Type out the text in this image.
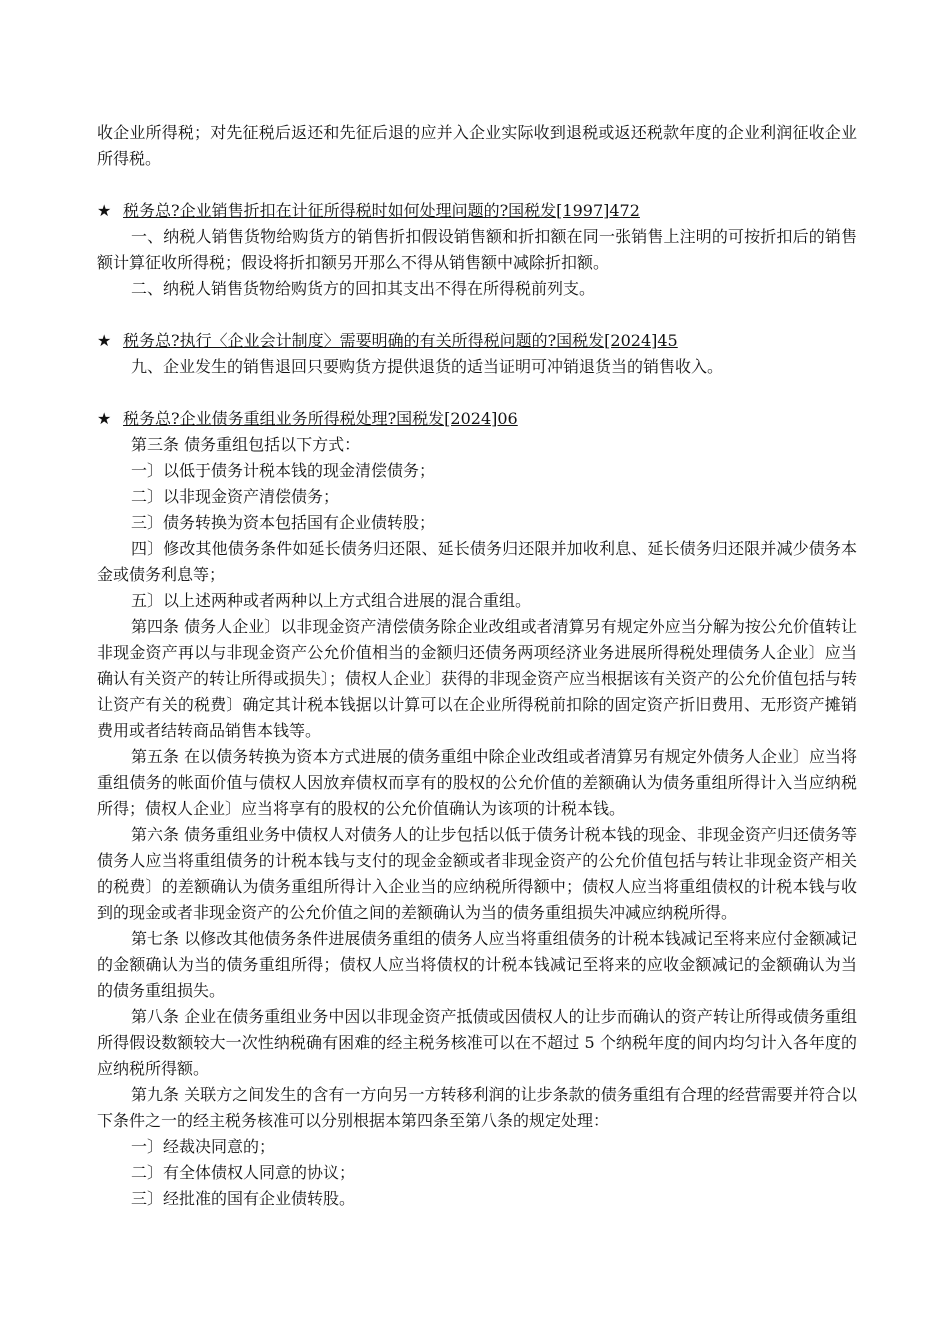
收企业所得税；对先征税后返还和先征后退的应并入企业实际收到退税或返还税款年度的企业利润征收企业所得税。

★ 税务总?企业销售折扣在计征所得税时如何处理问题的?国税发[1997]472

一、纳税人销售货物给购货方的销售折扣假设销售额和折扣额在同一张销售上注明的可按折扣后的销售额计算征收所得税；假设将折扣额另开那么不得从销售额中减除折扣额。

二、纳税人销售货物给购货方的回扣其支出不得在所得税前列支。

★ 税务总?执行〈企业会计制度〉需要明确的有关所得税问题的?国税发[2024]45

九、企业发生的销售退回只要购货方提供退货的适当证明可冲销退货当的销售收入。

★ 税务总?企业债务重组业务所得税处理?国税发[2024]06

第三条 债务重组包括以下方式：

一〕以低于债务计税本钱的现金清偿债务；

二〕以非现金资产清偿债务；

三〕债务转换为资本包括国有企业债转股；

四〕修改其他债务条件如延长债务归还限、延长债务归还限并加收利息、延长债务归还限并减少债务本金或债务利息等；

五〕以上述两种或者两种以上方式组合进展的混合重组。

第四条 债务人企业〕以非现金资产清偿债务除企业改组或者清算另有规定外应当分解为按公允价值转让非现金资产再以与非现金资产公允价值相当的金额归还债务两项经济业务进展所得税处理债务人企业〕应当确认有关资产的转让所得或损失〕；债权人企业〕获得的非现金资产应当根据该有关资产的公允价值包括与转让资产有关的税费〕确定其计税本钱据以计算可以在企业所得税前扣除的固定资产折旧费用、无形资产摊销费用或者结转商品销售本钱等。

第五条 在以债务转换为资本方式进展的债务重组中除企业改组或者清算另有规定外债务人企业〕应当将重组债务的帐面价值与债权人因放弃债权而享有的股权的公允价值的差额确认为债务重组所得计入当应纳税所得；债权人企业〕应当将享有的股权的公允价值确认为该项的计税本钱。

第六条 债务重组业务中债权人对债务人的让步包括以低于债务计税本钱的现金、非现金资产归还债务等债务人应当将重组债务的计税本钱与支付的现金金额或者非现金资产的公允价值包括与转让非现金资产相关的税费〕的差额确认为债务重组所得计入企业当的应纳税所得额中；债权人应当将重组债权的计税本钱与收到的现金或者非现金资产的公允价值之间的差额确认为当的债务重组损失冲减应纳税所得。

第七条 以修改其他债务条件进展债务重组的债务人应当将重组债务的计税本钱减记至将来应付金额减记的金额确认为当的债务重组所得；债权人应当将债权的计税本钱减记至将来的应收金额减记的金额确认为当的债务重组损失。

第八条 企业在债务重组业务中因以非现金资产抵债或因债权人的让步而确认的资产转让所得或债务重组所得假设数额较大一次性纳税确有困难的经主税务核准可以在不超过 5 个纳税年度的间内均匀计入各年度的应纳税所得额。

第九条 关联方之间发生的含有一方向另一方转移利润的让步条款的债务重组有合理的经营需要并符合以下条件之一的经主税务核准可以分别根据本第四条至第八条的规定处理：

一〕经裁决同意的；

二〕有全体债权人同意的协议；

三〕经批准的国有企业债转股。
